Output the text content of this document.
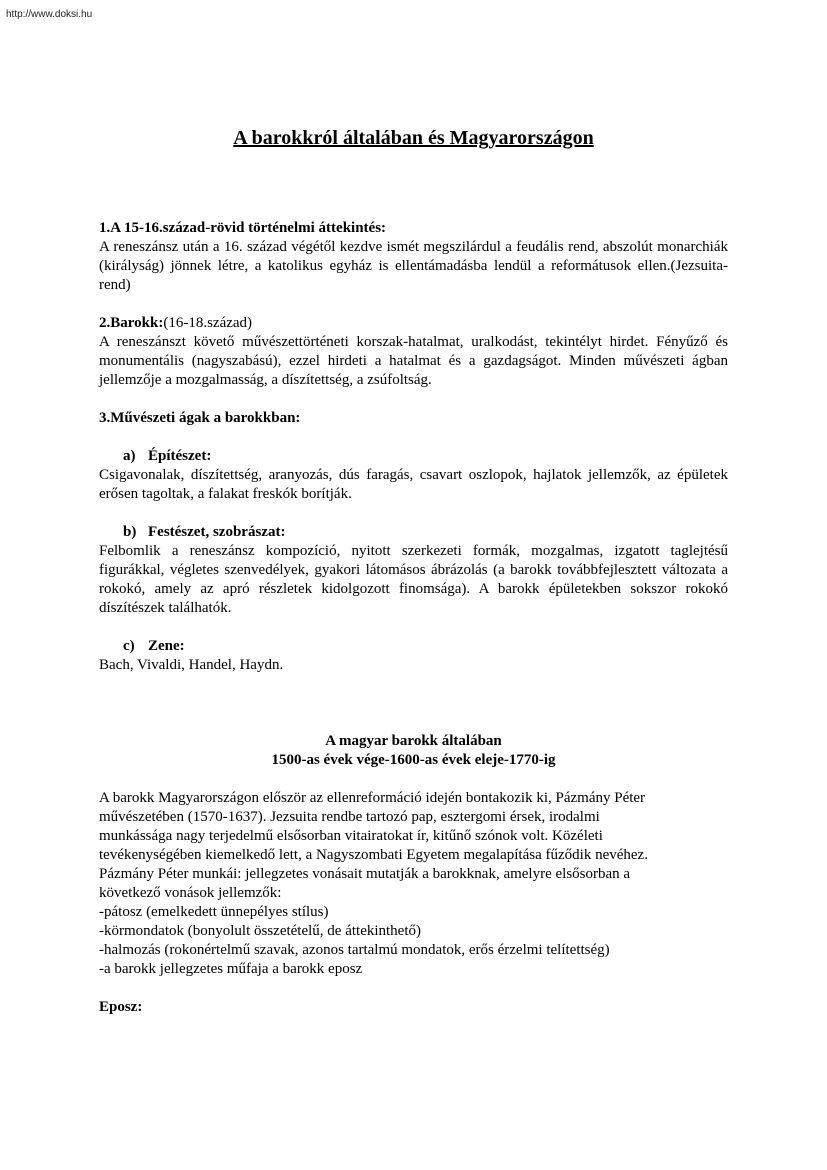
http://www.doksi.hu
A barokkról általában és Magyarországon

1.A 15-16.század-rövid történelmi áttekintés:

A reneszánsz után a 16. század végétől kezdve ismét megszilárdul a feudális rend, abszolút monarchiák (királyság) jönnek létre, a katolikus egyház is ellentámadásba lendül a reformátusok ellen.(Jezsuita-rend)

2.Barokk:(16-18.század)

A reneszánszt követő művészettörténeti korszak-hatalmat, uralkodást, tekintélyt hirdet. Fényűző és monumentális (nagyszabású), ezzel hirdeti a hatalmat és a gazdagságot. Minden művészeti ágban jellemzője a mozgalmasság, a díszítettség, a zsúfoltság.

3.Művészeti ágak a barokkban:

a) Építészet:

Csigavonalak, díszítettség, aranyozás, dús faragás, csavart oszlopok, hajlatok jellemzők, az épületek erősen tagoltak, a falakat freskók borítják.

b) Festészet, szobrászat:

Felbomlik a reneszánsz kompozíció, nyitott szerkezeti formák, mozgalmas, izgatott taglejtésű figurákkal, végletes szenvedélyek, gyakori látomásos ábrázolás (a barokk továbbfejlesztett változata a rokokó, amely az apró részletek kidolgozott finomsága). A barokk épületekben sokszor rokokó díszítészek találhatók.

c) Zene:

Bach, Vivaldi, Handel, Haydn.

A magyar barokk általában

1500-as évek vége-1600-as évek eleje-1770-ig

A barokk Magyarországon először az ellenreformáció idején bontakozik ki, Pázmány Péter

művészetében (1570-1637). Jezsuita rendbe tartozó pap, esztergomi érsek, irodalmi

munkássága nagy terjedelmű elsősorban vitairatokat ír, kitűnő szónok volt. Közéleti

tevékenységében kiemelkedő lett, a Nagyszombati Egyetem megalapítása fűződik nevéhez.

Pázmány Péter munkái: jellegzetes vonásait mutatják a barokknak, amelyre elsősorban a

következő vonások jellemzők:

-pátosz (emelkedett ünnepélyes stílus)

-körmondatok (bonyolult összetételű, de áttekinthető)

-halmozás (rokonértelmű szavak, azonos tartalmú mondatok, erős érzelmi telítettség)

-a barokk jellegzetes műfaja a barokk eposz

Eposz:
